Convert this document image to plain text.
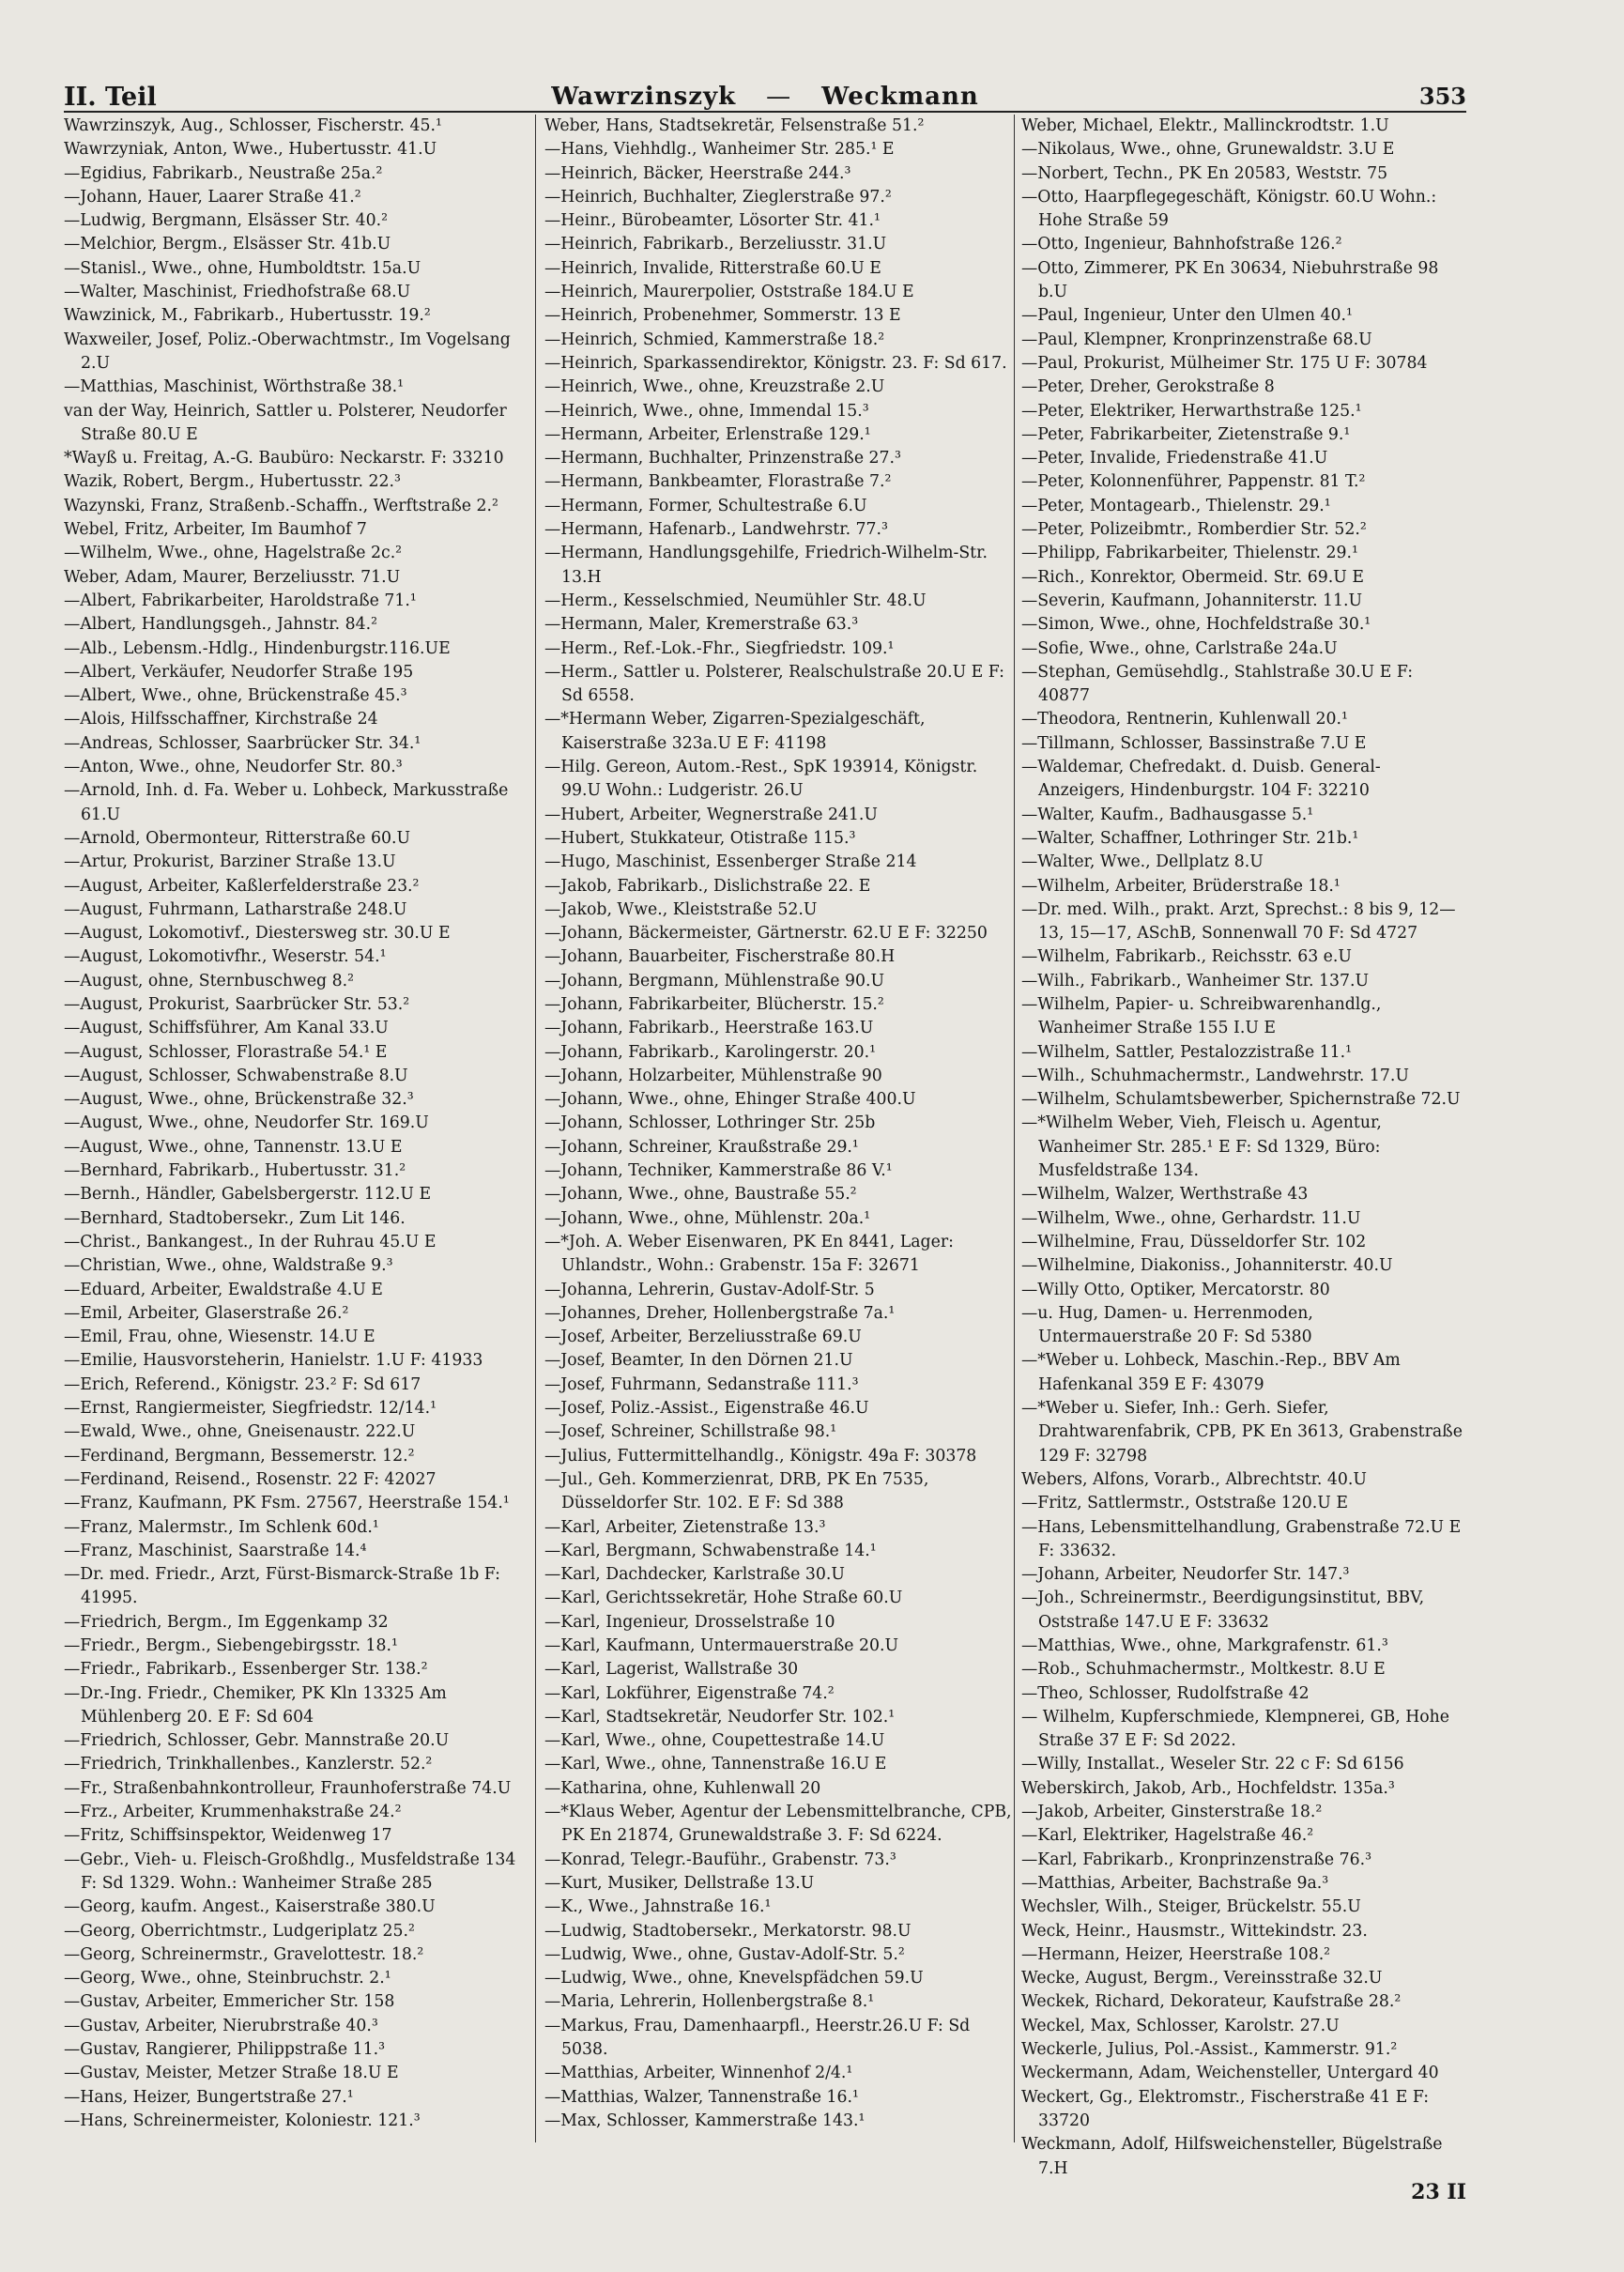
II. Teil	Wawrzinszyk — Weckmann	353
Wawrzinszyk, Aug., Schlosser, Fischerstr. 45.¹
Wawrzyniak, Anton, Wwe., Hubertusstr. 41.U
—Egidius, Fabrikarb., Neustraße 25a.²
—Johann, Hauer, Laarer Straße 41.²
—Ludwig, Bergmann, Elsässer Str. 40.²
—Melchior, Bergm., Elsässer Str. 41b.U
—Stanisl., Wwe., ohne, Humboldtstr. 15a.U
—Walter, Maschinist, Friedhofstraße 68.U
Wawzinick, M., Fabrikarb., Hubertusstr. 19.²
Waxweiler, Josef, Poliz.-Oberwachtmstr., Im Vogelsang 2.U
—Matthias, Maschinist, Wörthstraße 38.¹
van der Way, Heinrich, Sattler u. Polsterer, Neudorfer Straße 80.U E
*Wayß u. Freitag, A.-G. Baubüro: Neckarstr. F: 33210
Wazik, Robert, Bergm., Hubertusstr. 22.³
Wazynski, Franz, Straßenb.-Schaffn., Werftstraße 2.²
Webel, Fritz, Arbeiter, Im Baumhof 7
—Wilhelm, Wwe., ohne, Hagelstraße 2c.²
Weber, Adam, Maurer, Berzeliusstr. 71.U
—Albert, Fabrikarbeiter, Haroldstraße 71.¹
—Albert, Handlungsgeh., Jahnstr. 84.²
—Alb., Lebensm.-Hdlg., Hindenburgstr.116.UE
—Albert, Verkäufer, Neudorfer Straße 195
—Albert, Wwe., ohne, Brückenstraße 45.³
—Alois, Hilfsschaffner, Kirchstraße 24
—Andreas, Schlosser, Saarbrücker Str. 34.¹
—Anton, Wwe., ohne, Neudorfer Str. 80.³
—Arnold, Inh. d. Fa. Weber u. Lohbeck, Markusstraße 61.U
—Arnold, Obermonteur, Ritterstraße 60.U
—Artur, Prokurist, Barziner Straße 13.U
—August, Arbeiter, Kaßlerfelderstraße 23.²
—August, Fuhrmann, Latharstraße 248.U
—August, Lokomotivf., Diestersweg str. 30.U E
—August, Lokomotivfhr., Weserstr. 54.¹
—August, ohne, Sternbuschweg 8.²
—August, Prokurist, Saarbrücker Str. 53.²
—August, Schiffsführer, Am Kanal 33.U
—August, Schlosser, Florastraße 54.¹ E
—August, Schlosser, Schwabenstraße 8.U
—August, Wwe., ohne, Brückenstraße 32.³
—August, Wwe., ohne, Neudorfer Str. 169.U
—August, Wwe., ohne, Tannenstr. 13.U E
—Bernhard, Fabrikarb., Hubertusstr. 31.²
—Bernh., Händler, Gabelsbergerstr. 112.U E
—Bernhard, Stadtobersekr., Zum Lit 146.
—Christ., Bankangest., In der Ruhrau 45.U E
—Christian, Wwe., ohne, Waldstraße 9.³
—Eduard, Arbeiter, Ewaldstraße 4.U E
—Emil, Arbeiter, Glaserstraße 26.²
—Emil, Frau, ohne, Wiesenstr. 14.U E
—Emilie, Hausvorsteherin, Hanielstr. 1.U F: 41933
—Erich, Referend., Königstr. 23.² F: Sd 617
—Ernst, Rangiermeister, Siegfriedstr. 12/14.¹
—Ewald, Wwe., ohne, Gneisenaustr. 222.U
—Ferdinand, Bergmann, Bessemerstr. 12.²
—Ferdinand, Reisend., Rosenstr. 22 F: 42027
—Franz, Kaufmann, PK Fsm. 27567, Heerstraße 154.¹
—Franz, Malermstr., Im Schlenk 60d.¹
—Franz, Maschinist, Saarstraße 14.⁴
—Dr. med. Friedr., Arzt, Fürst-Bismarck-Straße 1b F: 41995.
—Friedrich, Bergm., Im Eggenkamp 32
—Friedr., Bergm., Siebengebirgsstr. 18.¹
—Friedr., Fabrikarb., Essenberger Str. 138.²
—Dr.-Ing. Friedr., Chemiker, PK Kln 13325 Am Mühlenberg 20. E F: Sd 604
—Friedrich, Schlosser, Gebr. Mannstraße 20.U
—Friedrich, Trinkhallenbes., Kanzlerstr. 52.²
—Fr., Straßenbahnkontrolleur, Fraunhoferstraße 74.U
—Frz., Arbeiter, Krummenhakstraße 24.²
—Fritz, Schiffsinspektor, Weidenweg 17
—Gebr., Vieh- u. Fleisch-Großhdlg., Musfeldstraße 134 F: Sd 1329. Wohn.: Wanheimer Straße 285
—Georg, kaufm. Angest., Kaiserstraße 380.U
—Georg, Oberrichtmstr., Ludgeriplatz 25.²
—Georg, Schreinermstr., Gravelottestr. 18.²
—Georg, Wwe., ohne, Steinbruchstr. 2.¹
—Gustav, Arbeiter, Emmericher Str. 158
—Gustav, Arbeiter, Nierubrstraße 40.³
—Gustav, Rangierer, Philippstraße 11.³
—Gustav, Meister, Metzer Straße 18.U E
—Hans, Heizer, Bungertstraße 27.¹
—Hans, Schreinermeister, Koloniestr. 121.³
Weber, Hans, Stadtsekretär, Felsenstraße 51.²
—Hans, Viehhdlg., Wanheimer Str. 285.¹ E
—Heinrich, Bäcker, Heerstraße 244.³
—Heinrich, Buchhalter, Zieglerstraße 97.²
—Heinr., Bürobeamter, Lösorter Str. 41.¹
—Heinrich, Fabrikarb., Berzeliusstr. 31.U
—Heinrich, Invalide, Ritterstraße 60.U E
—Heinrich, Maurerpolier, Oststraße 184.U E
—Heinrich, Probenehmer, Sommerstr. 13 E
—Heinrich, Schmied, Kammerstraße 18.²
—Heinrich, Sparkassendirektor, Königstr. 23. F: Sd 617.
—Heinrich, Wwe., ohne, Kreuzstraße 2.U
—Heinrich, Wwe., ohne, Immendal 15.³
—Hermann, Arbeiter, Erlenstraße 129.¹
—Hermann, Buchhalter, Prinzenstraße 27.³
—Hermann, Bankbeamter, Florastraße 7.²
—Hermann, Former, Schultestraße 6.U
—Hermann, Hafenarb., Landwehrstr. 77.³
—Hermann, Handlungsgehilfe, Friedrich-Wilhelm-Str. 13.H
—Herm., Kesselschmied, Neumühler Str. 48.U
—Hermann, Maler, Kremerstraße 63.³
—Herm., Ref.-Lok.-Fhr., Siegfriedstr. 109.¹
—Herm., Sattler u. Polsterer, Realschulstraße 20.U E F: Sd 6558.
—*Hermann Weber, Zigarren-Spezialgeschäft, Kaiserstraße 323a.U E F: 41198
—Hilg. Gereon, Autom.-Rest., SpK 193914, Königstr. 99.U Wohn.: Ludgeristr. 26.U
—Hubert, Arbeiter, Wegnerstraße 241.U
—Hubert, Stukkateur, Otistraße 115.³
—Hugo, Maschinist, Essenberger Straße 214
—Jakob, Fabrikarb., Dislichstraße 22. E
—Jakob, Wwe., Kleiststraße 52.U
—Johann, Bäckermeister, Gärtnerstr. 62.U E F: 32250
—Johann, Bauarbeiter, Fischerstraße 80.H
—Johann, Bergmann, Mühlenstraße 90.U
—Johann, Fabrikarbeiter, Blücherstr. 15.²
—Johann, Fabrikarb., Heerstraße 163.U
—Johann, Fabrikarb., Karolingerstr. 20.¹
—Johann, Holzarbeiter, Mühlenstraße 90
—Johann, Wwe., ohne, Ehinger Straße 400.U
—Johann, Schlosser, Lothringer Str. 25b
—Johann, Schreiner, Kraußstraße 29.¹
—Johann, Techniker, Kammerstraße 86 V.¹
—Johann, Wwe., ohne, Baustraße 55.²
—Johann, Wwe., ohne, Mühlenstr. 20a.¹
—*Joh. A. Weber Eisenwaren, PK En 8441, Lager: Uhlandstr., Wohn.: Grabenstr. 15a F: 32671
—Johanna, Lehrerin, Gustav-Adolf-Str. 5
—Johannes, Dreher, Hollenbergstraße 7a.¹
—Josef, Arbeiter, Berzeliusstraße 69.U
—Josef, Beamter, In den Dörnen 21.U
—Josef, Fuhrmann, Sedanstraße 111.³
—Josef, Poliz.-Assist., Eigenstraße 46.U
—Josef, Schreiner, Schillstraße 98.¹
—Julius, Futtermittelhandlg., Königstr. 49a F: 30378
—Jul., Geh. Kommerzienrat, DRB, PK En 7535, Düsseldorfer Str. 102. E F: Sd 388
—Karl, Arbeiter, Zietenstraße 13.³
—Karl, Bergmann, Schwabenstraße 14.¹
—Karl, Dachdecker, Karlstraße 30.U
—Karl, Gerichtssekretär, Hohe Straße 60.U
—Karl, Ingenieur, Drosselstraße 10
—Karl, Kaufmann, Untermauerstraße 20.U
—Karl, Lagerist, Wallstraße 30
—Karl, Lokführer, Eigenstraße 74.²
—Karl, Stadtsekretär, Neudorfer Str. 102.¹
—Karl, Wwe., ohne, Coupettestraße 14.U
—Karl, Wwe., ohne, Tannenstraße 16.U E
—Katharina, ohne, Kuhlenwall 20
—*Klaus Weber, Agentur der Lebensmittelbranche, CPB, PK En 21874, Grunewaldstraße 3. F: Sd 6224.
—Konrad, Telegr.-Bauführ., Grabenstr. 73.³
—Kurt, Musiker, Dellstraße 13.U
—K., Wwe., Jahnstraße 16.¹
—Ludwig, Stadtobersekr., Merkatorstr. 98.U
—Ludwig, Wwe., ohne, Gustav-Adolf-Str. 5.²
—Ludwig, Wwe., ohne, Knevelspfädchen 59.U
—Maria, Lehrerin, Hollenbergstraße 8.¹
—Markus, Frau, Damenhaarpfl., Heerstr.26.U F: Sd 5038.
—Matthias, Arbeiter, Winnenhof 2/4.¹
—Matthias, Walzer, Tannenstraße 16.¹
—Max, Schlosser, Kammerstraße 143.¹
Weber, Michael, Elektr., Mallinckrodtstr. 1.U
—Nikolaus, Wwe., ohne, Grunewaldstr. 3.U E
—Norbert, Techn., PK En 20583, Weststr. 75
—Otto, Haarpflegegeschäft, Königstr. 60.U Wohn.: Hohe Straße 59
—Otto, Ingenieur, Bahnhofstraße 126.²
—Otto, Zimmerer, PK En 30634, Niebuhrstraße 98 b.U
—Paul, Ingenieur, Unter den Ulmen 40.¹
—Paul, Klempner, Kronprinzenstraße 68.U
—Paul, Prokurist, Mülheimer Str. 175 U F: 30784
—Peter, Dreher, Gerokstraße 8
—Peter, Elektriker, Herwarthstraße 125.¹
—Peter, Fabrikarbeiter, Zietenstraße 9.¹
—Peter, Invalide, Friedenstraße 41.U
—Peter, Kolonnenführer, Pappenstr. 81 T.²
—Peter, Montagearb., Thielenstr. 29.¹
—Peter, Polizeibmtr., Romberdier Str. 52.²
—Philipp, Fabrikarbeiter, Thielenstr. 29.¹
—Rich., Konrektor, Obermeid. Str. 69.U E
—Severin, Kaufmann, Johanniterstr. 11.U
—Simon, Wwe., ohne, Hochfeldstraße 30.¹
—Sofie, Wwe., ohne, Carlstraße 24a.U
—Stephan, Gemüsehdlg., Stahlstraße 30.U E F: 40877
—Theodora, Rentnerin, Kuhlenwall 20.¹
—Tillmann, Schlosser, Bassinstraße 7.U E
—Waldemar, Chefredakt. d. Duisb. General-Anzeigers, Hindenburgstr. 104 F: 32210
—Walter, Kaufm., Badhausgasse 5.¹
—Walter, Schaffner, Lothringer Str. 21b.¹
—Walter, Wwe., Dellplatz 8.U
—Wilhelm, Arbeiter, Brüderstraße 18.¹
—Dr. med. Wilh., prakt. Arzt, Sprechst.: 8 bis 9, 12—13, 15—17, ASchB, Sonnenwall 70 F: Sd 4727
—Wilhelm, Fabrikarb., Reichsstr. 63 e.U
—Wilh., Fabrikarb., Wanheimer Str. 137.U
—Wilhelm, Papier- u. Schreibwarenhandlg., Wanheimer Straße 155 I.U E
—Wilhelm, Sattler, Pestalozzistraße 11.¹
—Wilh., Schuhmachermstr., Landwehrstr. 17.U
—Wilhelm, Schulamtsbewerber, Spichernstraße 72.U
—*Wilhelm Weber, Vieh, Fleisch u. Agentur, Wanheimer Str. 285.¹ E F: Sd 1329, Büro: Musfeldstraße 134.
—Wilhelm, Walzer, Werthstraße 43
—Wilhelm, Wwe., ohne, Gerhardstr. 11.U
—Wilhelmine, Frau, Düsseldorfer Str. 102
—Wilhelmine, Diakoniss., Johanniterstr. 40.U
—Willy Otto, Optiker, Mercatorstr. 80
—u. Hug, Damen- u. Herrenmoden, Untermauerstraße 20 F: Sd 5380
—*Weber u. Lohbeck, Maschin.-Rep., BBV Am Hafenkanal 359 E F: 43079
—*Weber u. Siefer, Inh.: Gerh. Siefer, Drahtwarenfabrik, CPB, PK En 3613, Grabenstraße 129 F: 32798
Webers, Alfons, Vorarb., Albrechtstr. 40.U
—Fritz, Sattlermstr., Oststraße 120.U E
—Hans, Lebensmittelhandlung, Grabenstraße 72.U E F: 33632.
—Johann, Arbeiter, Neudorfer Str. 147.³
—Joh., Schreinermstr., Beerdigungsinstitut, BBV, Oststraße 147.U E F: 33632
—Matthias, Wwe., ohne, Markgrafenstr. 61.³
—Rob., Schuhmachermstr., Moltkestr. 8.U E
—Theo, Schlosser, Rudolfstraße 42
— Wilhelm, Kupferschmiede, Klempnerei, GB, Hohe Straße 37 E F: Sd 2022.
—Willy, Installat., Weseler Str. 22 c F: Sd 6156
Weberskirch, Jakob, Arb., Hochfeldstr. 135a.³
—Jakob, Arbeiter, Ginsterstraße 18.²
—Karl, Elektriker, Hagelstraße 46.²
—Karl, Fabrikarb., Kronprinzenstraße 76.³
—Matthias, Arbeiter, Bachstraße 9a.³
Wechsler, Wilh., Steiger, Brückelstr. 55.U
Weck, Heinr., Hausmstr., Wittekindstr. 23.
—Hermann, Heizer, Heerstraße 108.²
Wecke, August, Bergm., Vereinsstraße 32.U
Weckek, Richard, Dekorateur, Kaufstraße 28.²
Weckel, Max, Schlosser, Karolstr. 27.U
Weckerle, Julius, Pol.-Assist., Kammerstr. 91.²
Weckermann, Adam, Weichensteller, Untergard 40
Weckert, Gg., Elektromstr., Fischerstraße 41 E F: 33720
Weckmann, Adolf, Hilfsweichensteller, Bügelstraße 7.H
23 II
